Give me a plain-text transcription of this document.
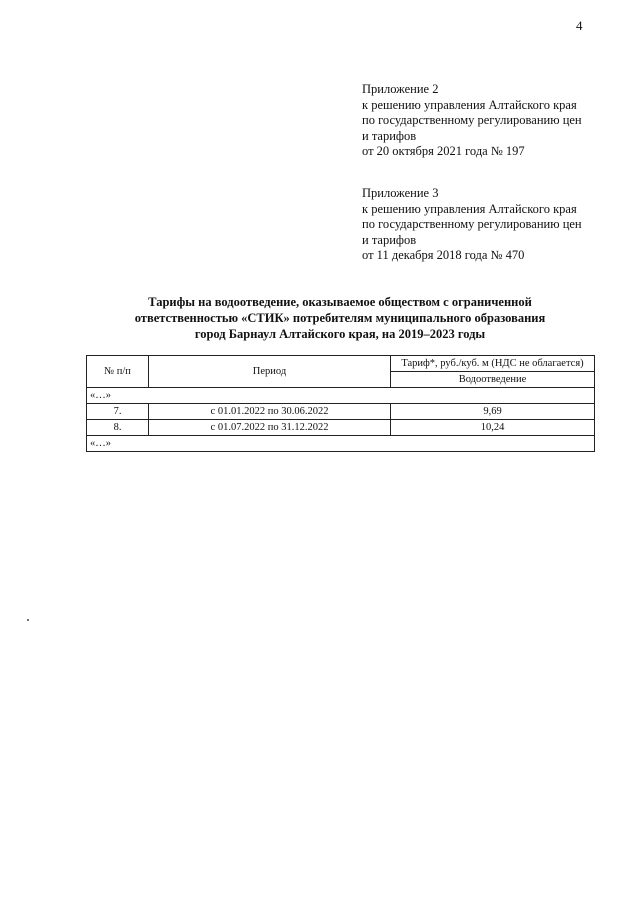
4
Приложение 2
к решению управления Алтайского края
по государственному регулированию цен
и тарифов
от 20 октября 2021 года № 197
Приложение 3
к решению управления Алтайского края
по государственному регулированию цен
и тарифов
от 11 декабря 2018 года № 470
Тарифы на водоотведение, оказываемое обществом с ограниченной
ответственностью «СТИК» потребителям муниципального образования
город Барнаул Алтайского края, на 2019–2023 годы
№ п/п	Период	Тариф*, руб./куб. м (НДС не облагается)
		Водоотведение
«…»		
7.	с 01.01.2022 по 30.06.2022	9,69
8.	с 01.07.2022 по 31.12.2022	10,24
«…»		
